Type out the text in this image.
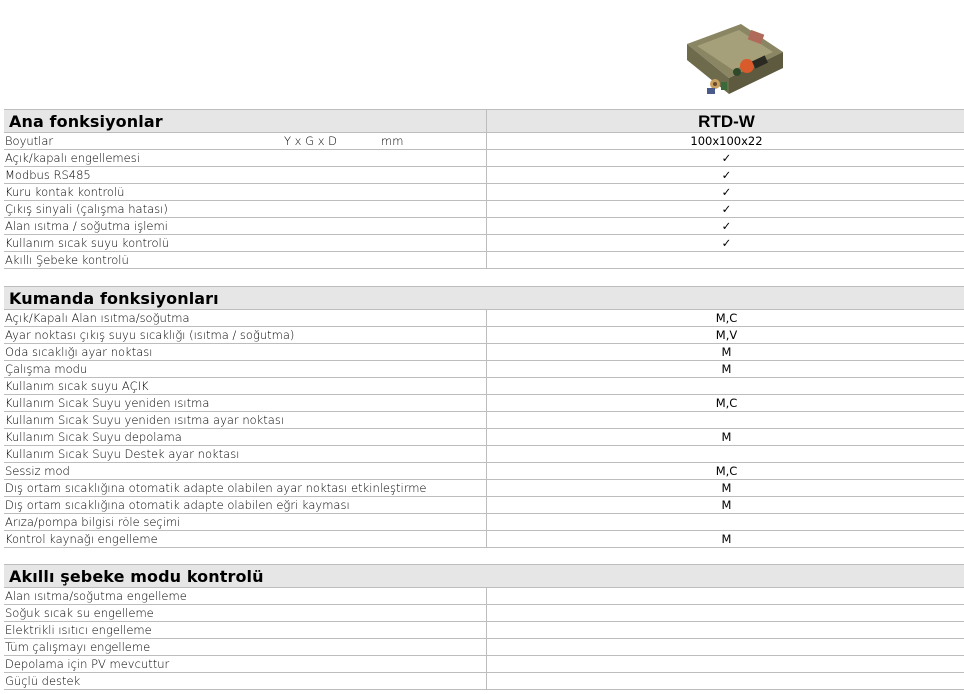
Ana fonksiyonlar	RTD-W
Boyutlar	Y x G x D	mm	100x100x22
Açık/kapalı engellemesi	✓
Modbus RS485	✓
Kuru kontak kontrolü	✓
Çıkış sinyali (çalışma hatası)	✓
Alan ısıtma / soğutma işlemi	✓
Kullanım sıcak suyu kontrolü	✓
Akıllı Şebeke kontrolü
Kumanda fonksiyonları
Açık/Kapalı Alan ısıtma/soğutma	M,C
Ayar noktası çıkış suyu sıcaklığı (ısıtma / soğutma)	M,V
Oda sıcaklığı ayar noktası	M
Çalışma modu	M
Kullanım sıcak suyu AÇIK
Kullanım Sıcak Suyu yeniden ısıtma	M,C
Kullanım Sıcak Suyu yeniden ısıtma ayar noktası
Kullanım Sıcak Suyu depolama	M
Kullanım Sıcak Suyu Destek ayar noktası
Sessiz mod	M,C
Dış ortam sıcaklığına otomatik adapte olabilen ayar noktası etkinleştirme	M
Dış ortam sıcaklığına otomatik adapte olabilen eğri kayması	M
Arıza/pompa bilgisi röle seçimi
Kontrol kaynağı engelleme	M
Akıllı şebeke modu kontrolü
Alan ısıtma/soğutma engelleme
Soğuk sıcak su engelleme
Elektrikli ısıtıcı engelleme
Tüm çalışmayı engelleme
Depolama için PV mevcuttur
Güçlü destek
